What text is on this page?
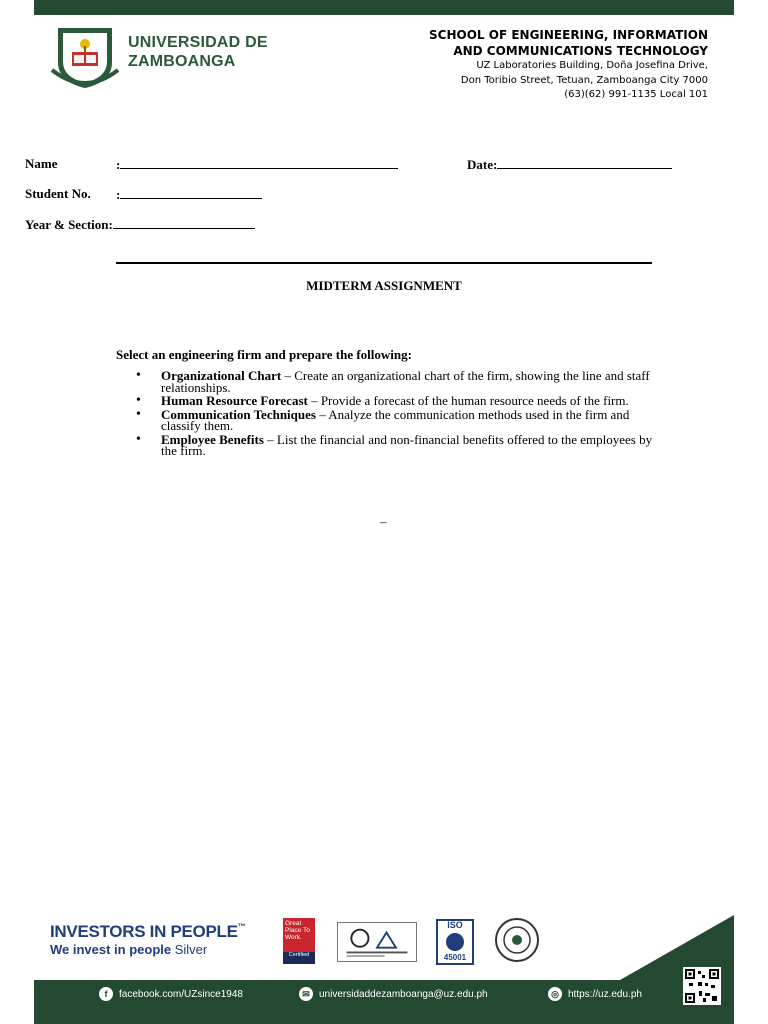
UNIVERSIDAD DE
ZAMBOANGA
SCHOOL OF ENGINEERING, INFORMATION
AND COMMUNICATIONS TECHNOLOGY
UZ Laboratories Building, Doña Josefina Drive,
Don Toribio Street, Tetuan, Zamboanga City 7000
(63)(62) 991-1135 Local 101
Name	:	Date:
Student No. :
Year & Section:
MIDTERM ASSIGNMENT
Select an engineering firm and prepare the following:
• Organizational Chart – Create an organizational chart of the firm, showing the line and staff relationships.
• Human Resource Forecast – Provide a forecast of the human resource needs of the firm.
• Communication Techniques – Analyze the communication methods used in the firm and classify them.
• Employee Benefits – List the financial and non-financial benefits offered to the employees by the firm.
–
INVESTORS IN PEOPLE™
We invest in people Silver
Great Place To Work.
Certified
ISO
45001
f	facebook.com/UZsince1948	✉ universidaddezamboanga@uz.edu.ph	◎ https://uz.edu.ph
